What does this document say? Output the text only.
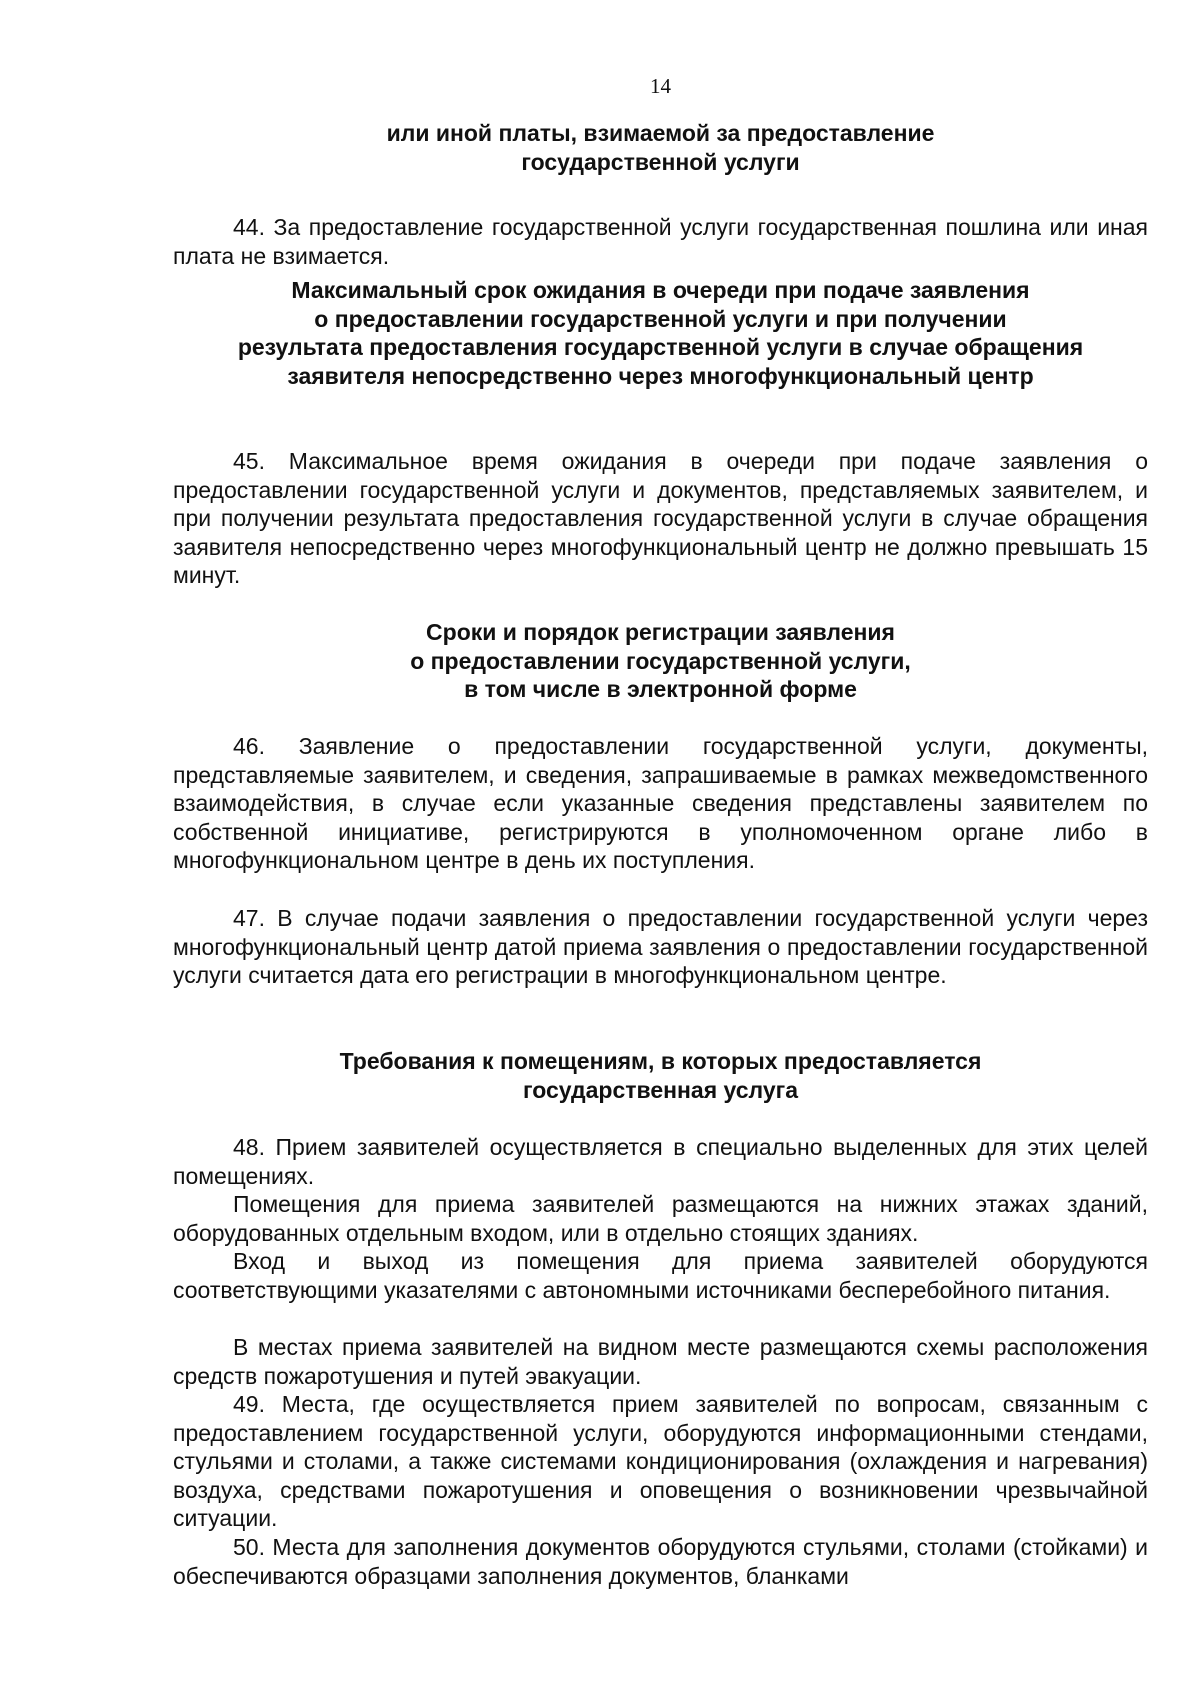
14
или иной платы, взимаемой за предоставление
государственной услуги
44. За предоставление государственной услуги государственная пошлина или иная плата не взимается.
Максимальный срок ожидания в очереди при подаче заявления
о предоставлении государственной услуги и при получении
результата предоставления государственной услуги в случае обращения
заявителя непосредственно через многофункциональный центр
45. Максимальное время ожидания в очереди при подаче заявления о предоставлении государственной услуги и документов, представляемых заявителем, и при получении результата предоставления государственной услуги в случае обращения заявителя непосредственно через многофункциональный центр не должно превышать 15 минут.
Сроки и порядок регистрации заявления
о предоставлении государственной услуги,
в том числе в электронной форме
46. Заявление о предоставлении государственной услуги, документы, представляемые заявителем, и сведения, запрашиваемые в рамках межведомственного взаимодействия, в случае если указанные сведения представлены заявителем по собственной инициативе, регистрируются в уполномоченном органе либо в многофункциональном центре в день их поступления.
47. В случае подачи заявления о предоставлении государственной услуги через многофункциональный центр датой приема заявления о предоставлении государственной услуги считается дата его регистрации в многофункциональном центре.
Требования к помещениям, в которых предоставляется
государственная услуга
48. Прием заявителей осуществляется в специально выделенных для этих целей помещениях.
Помещения для приема заявителей размещаются на нижних этажах зданий, оборудованных отдельным входом, или в отдельно стоящих зданиях.
Вход и выход из помещения для приема заявителей оборудуются соответствующими указателями с автономными источниками бесперебойного питания.
В местах приема заявителей на видном месте размещаются схемы расположения средств пожаротушения и путей эвакуации.
49. Места, где осуществляется прием заявителей по вопросам, связанным с предоставлением государственной услуги, оборудуются информационными стендами, стульями и столами, а также системами кондиционирования (охлаждения и нагревания) воздуха, средствами пожаротушения и оповещения о возникновении чрезвычайной ситуации.
50. Места для заполнения документов оборудуются стульями, столами (стойками) и обеспечиваются образцами заполнения документов, бланками
